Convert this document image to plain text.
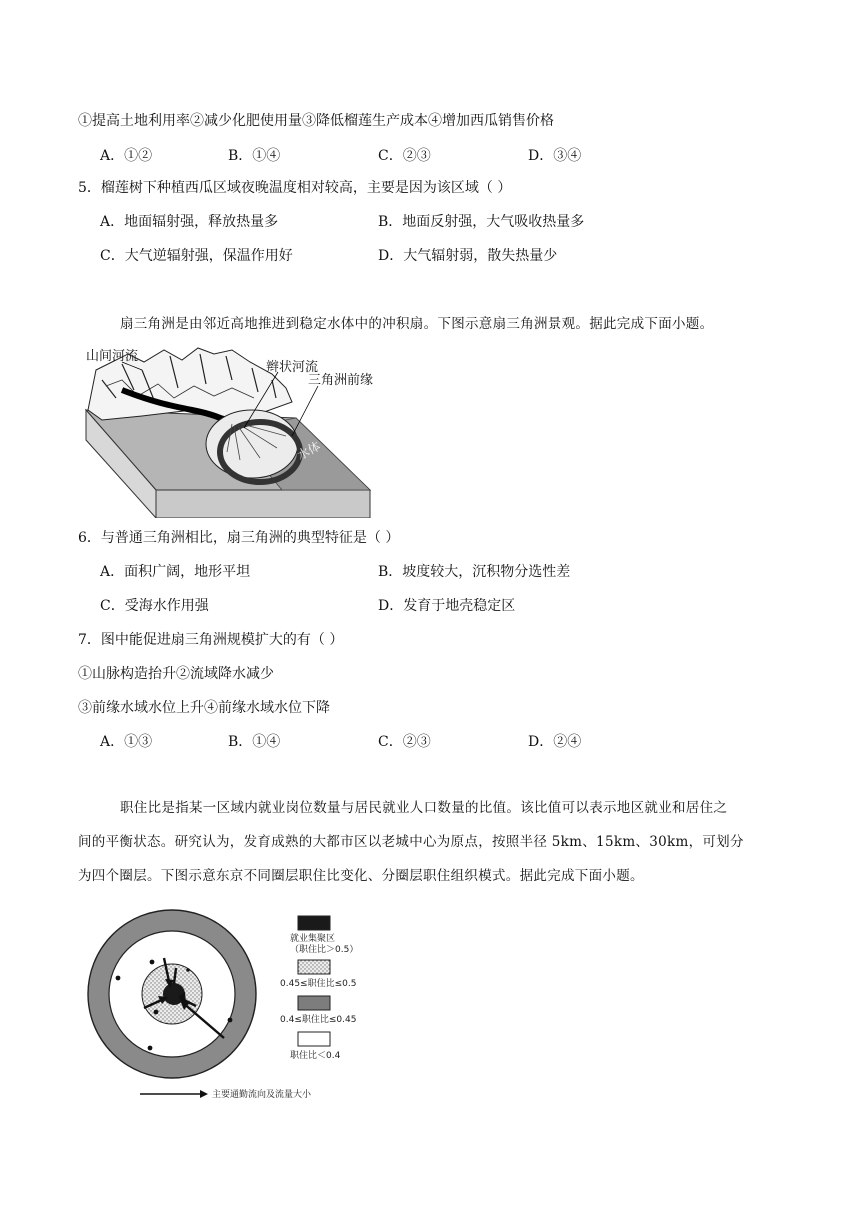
①提高土地利用率②减少化肥使用量③降低榴莲生产成本④增加西瓜销售价格
A．①②	B．①④	C．②③	D．③④
5．榴莲树下种植西瓜区域夜晚温度相对较高，主要是因为该区域（ ）
A．地面辐射强，释放热量多	B．地面反射强，大气吸收热量多
C．大气逆辐射强，保温作用好	D．大气辐射弱，散失热量少
扇三角洲是由邻近高地推进到稳定水体中的冲积扇。下图示意扇三角洲景观。据此完成下面小题。
山间河流
辫状河流
三角洲前缘
水体
6．与普通三角洲相比，扇三角洲的典型特征是（ ）
A．面积广阔，地形平坦	B．坡度较大，沉积物分选性差
C．受海水作用强	D．发育于地壳稳定区
7．图中能促进扇三角洲规模扩大的有（ ）
①山脉构造抬升②流域降水减少
③前缘水域水位上升④前缘水域水位下降
A．①③	B．①④	C．②③	D．②④
职住比是指某一区域内就业岗位数量与居民就业人口数量的比值。该比值可以表示地区就业和居住之
间的平衡状态。研究认为，发育成熟的大都市区以老城中心为原点，按照半径 5km、15km、30km，可划分
为四个圈层。下图示意东京不同圈层职住比变化、分圈层职住组织模式。据此完成下面小题。
就业集聚区
（职住比＞0.5）
0.45≤职住比≤0.5
0.4≤职住比≤0.45
职住比＜0.4
主要通勤流向及流量大小
